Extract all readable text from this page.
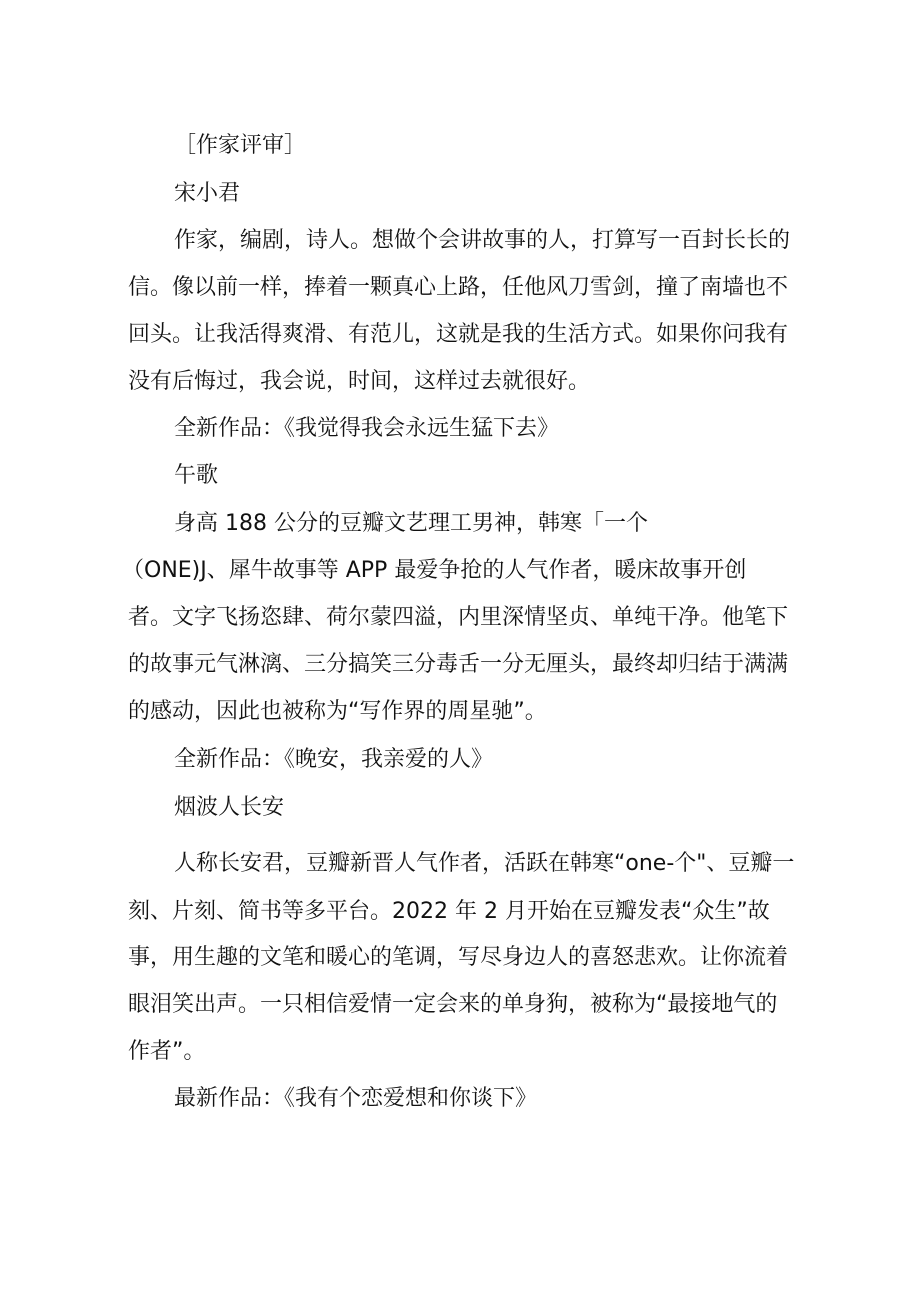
［作家评审］
宋小君
作家，编剧，诗人。想做个会讲故事的人，打算写一百封长长的
信。像以前一样，捧着一颗真心上路，任他风刀雪剑，撞了南墙也不
回头。让我活得爽滑、有范儿，这就是我的生活方式。如果你问我有
没有后悔过，我会说，时间，这样过去就很好。
全新作品：《我觉得我会永远生猛下去》
午歌
身高 188 公分的豆瓣文艺理工男神，韩寒「一个
（ONE)J、犀牛故事等 APP 最爱争抢的人气作者，暖床故事开创
者。文字飞扬恣肆、荷尔蒙四溢，内里深情坚贞、单纯干净。他笔下
的故事元气淋漓、三分搞笑三分毒舌一分无厘头，最终却归结于满满
的感动，因此也被称为“写作界的周星驰”。
全新作品：《晚安，我亲爱的人》
烟波人长安
人称长安君，豆瓣新晋人气作者，活跃在韩寒“one-个"、豆瓣一
刻、片刻、简书等多平台。2022 年 2 月开始在豆瓣发表“众生”故
事，用生趣的文笔和暖心的笔调，写尽身边人的喜怒悲欢。让你流着
眼泪笑出声。一只相信爱情一定会来的单身狗，被称为“最接地气的
作者”。
最新作品：《我有个恋爱想和你谈下》
